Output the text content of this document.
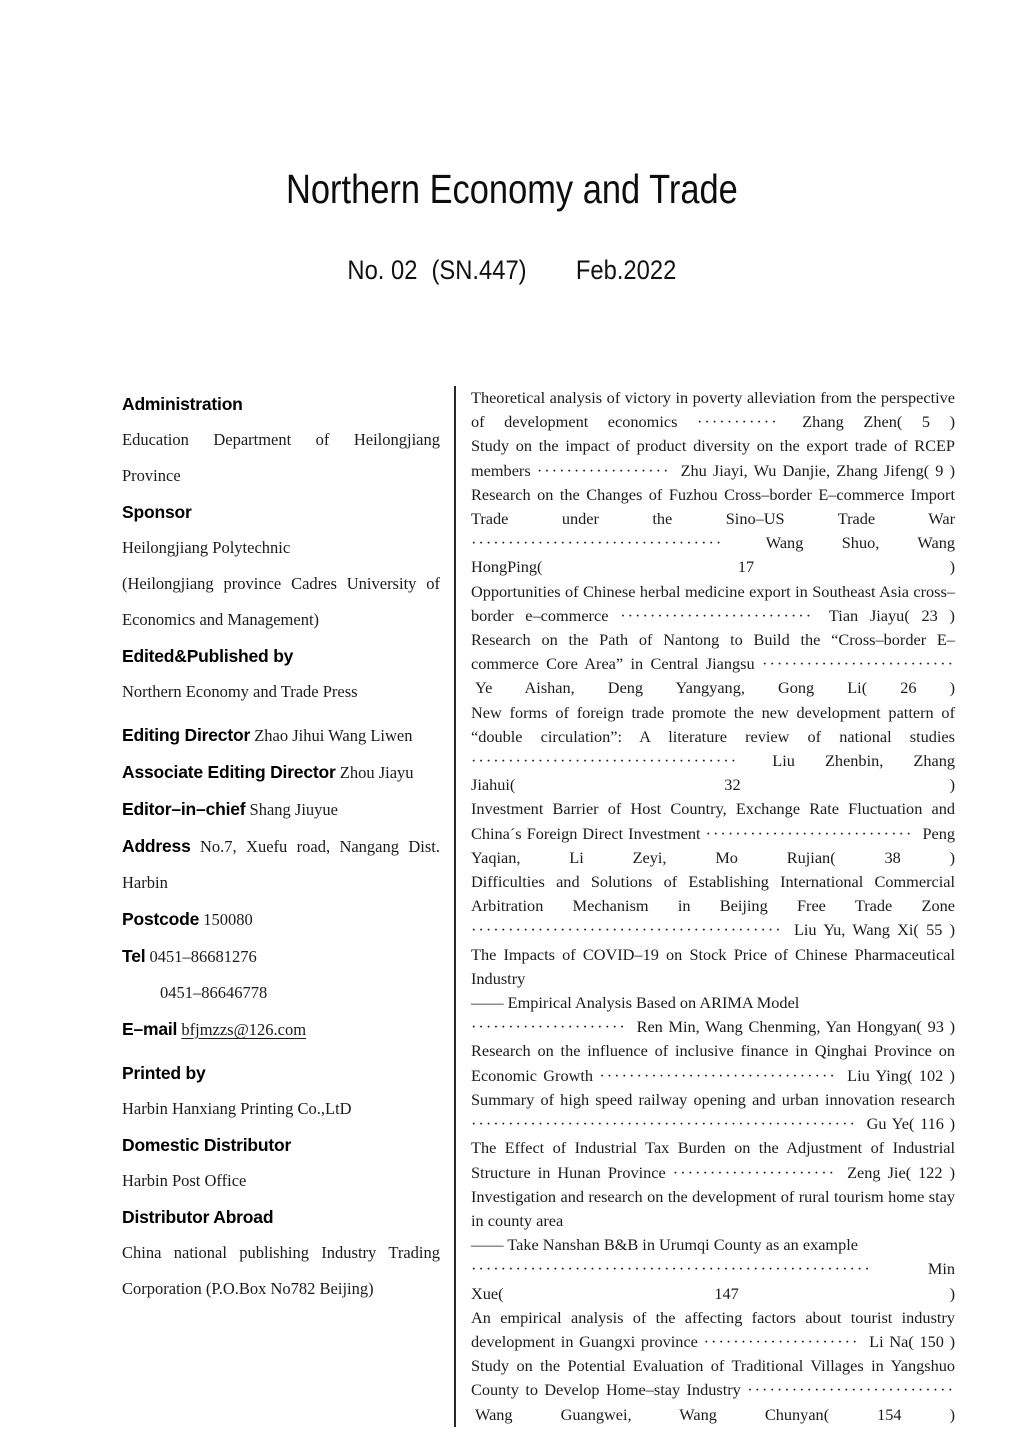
Northern Economy and Trade
No. 02 (SN.447) Feb.2022
Administration
Education Department of Heilongjiang Province
Sponsor
Heilongjiang Polytechnic
(Heilongjiang province Cadres University of Economics and Management)
Edited&Published by
Northern Economy and Trade Press
Editing Director Zhao Jihui Wang Liwen
Associate Editing Director Zhou Jiayu
Editor–in–chief Shang Jiuyue
Address No.7, Xuefu road, Nangang Dist. Harbin
Postcode 150080
Tel 0451–86681276
0451–86646778
E–mail bfjmzzs@126.com
Printed by
Harbin Hanxiang Printing Co.,LtD
Domestic Distributor
Harbin Post Office
Distributor Abroad
China national publishing Industry Trading Corporation (P.O.Box No782 Beijing)

Theoretical analysis of victory in poverty alleviation from the perspective of development economics ··········· Zhang Zhen( 5 )

Study on the impact of product diversity on the export trade of RCEP members ·················· Zhu Jiayi, Wu Danjie, Zhang Jifeng( 9 )

Research on the Changes of Fuzhou Cross–border E–commerce Import Trade under the Sino–US Trade War ··································	Wang Shuo, Wang HongPing( 17 )

Opportunities of Chinese herbal medicine export in Southeast Asia cross–border e–commerce ·························· Tian Jiayu( 23 )

Research on the Path of Nantong to Build the “Cross–border E–commerce Core Area” in Central Jiangsu ·························· Ye Aishan, Deng Yangyang, Gong Li( 26 )

New forms of foreign trade promote the new development pattern of “double circulation”: A literature review of national studies ···································· Liu Zhenbin, Zhang Jiahui( 32 )

Investment Barrier of Host Country, Exchange Rate Fluctuation and China´s Foreign Direct Investment ···························· Peng Yaqian, Li Zeyi, Mo Rujian( 38 )

Difficulties and Solutions of Establishing International Commercial Arbitration Mechanism in Beijing Free Trade Zone ·········································· Liu Yu, Wang Xi( 55 )

The Impacts of COVID–19 on Stock Price of Chinese Pharmaceutical Industry

—— Empirical Analysis Based on ARIMA Model

····················· Ren Min, Wang Chenming, Yan Hongyan( 93 )

Research on the influence of inclusive finance in Qinghai Province on Economic Growth ································ Liu Ying( 102 )

Summary of high speed railway opening and urban innovation research ···················································· Gu Ye( 116 )

The Effect of Industrial Tax Burden on the Adjustment of Industrial Structure in Hunan Province ······················ Zeng Jie( 122 )

Investigation and research on the development of rural tourism home stay in county area

—— Take Nanshan B&B in Urumqi County as an example

······················································	Min Xue( 147 )

An empirical analysis of the affecting factors about tourist industry development in Guangxi province ····················· Li Na( 150 )

Study on the Potential Evaluation of Traditional Villages in Yangshuo County to Develop Home–stay Industry ···························· Wang Guangwei, Wang Chunyan( 154 )
